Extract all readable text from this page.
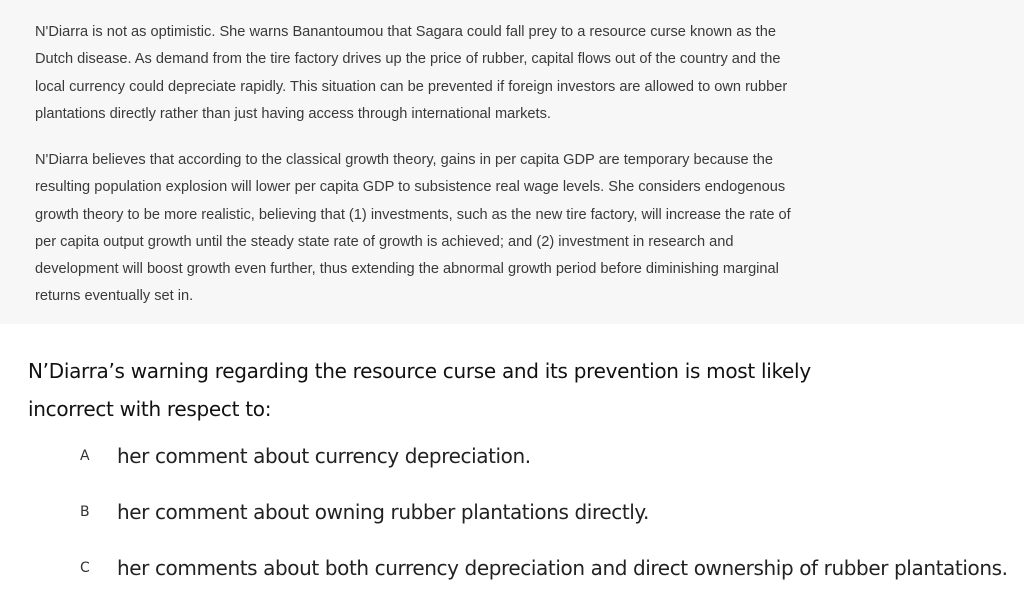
N'Diarra is not as optimistic. She warns Banantoumou that Sagara could fall prey to a resource curse known as the
Dutch disease. As demand from the tire factory drives up the price of rubber, capital flows out of the country and the
local currency could depreciate rapidly. This situation can be prevented if foreign investors are allowed to own rubber
plantations directly rather than just having access through international markets.

N'Diarra believes that according to the classical growth theory, gains in per capita GDP are temporary because the
resulting population explosion will lower per capita GDP to subsistence real wage levels. She considers endogenous
growth theory to be more realistic, believing that (1) investments, such as the new tire factory, will increase the rate of
per capita output growth until the steady state rate of growth is achieved; and (2) investment in research and
development will boost growth even further, thus extending the abnormal growth period before diminishing marginal
returns eventually set in.

N’Diarra’s warning regarding the resource curse and its prevention is most likely
incorrect with respect to:

A her comment about currency depreciation.
B her comment about owning rubber plantations directly.
C her comments about both currency depreciation and direct ownership of rubber plantations.
